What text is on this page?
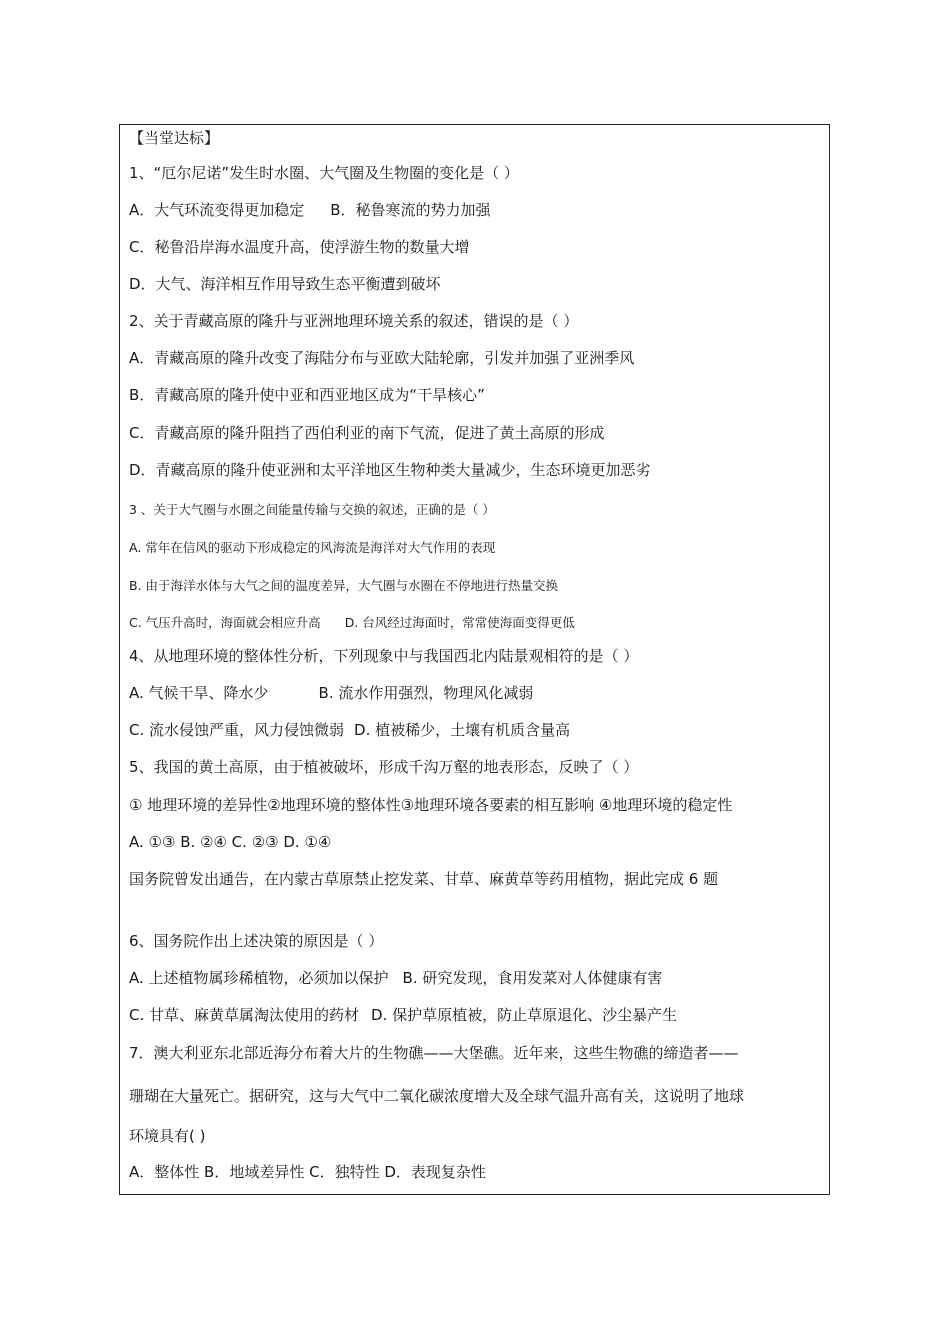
【当堂达标】
1、“厄尔尼诺”发生时水圈、大气圈及生物圈的变化是（ ）
A．大气环流变得更加稳定 B．秘鲁寒流的势力加强
C．秘鲁沿岸海水温度升高，使浮游生物的数量大增
D．大气、海洋相互作用导致生态平衡遭到破坏
2、关于青藏高原的隆升与亚洲地理环境关系的叙述，错误的是（ ）
A．青藏高原的隆升改变了海陆分布与亚欧大陆轮廓，引发并加强了亚洲季风
B．青藏高原的隆升使中亚和西亚地区成为“干旱核心”
C．青藏高原的隆升阻挡了西伯利亚的南下气流，促进了黄土高原的形成
D．青藏高原的隆升使亚洲和太平洋地区生物种类大量减少，生态环境更加恶劣
3 、关于大气圈与水圈之间能量传输与交换的叙述，正确的是（ ）
A. 常年在信风的驱动下形成稳定的风海流是海洋对大气作用的表现
B. 由于海洋水体与大气之间的温度差异，大气圈与水圈在不停地进行热量交换
C. 气压升高时，海面就会相应升高 D. 台风经过海面时，常常使海面变得更低
4、从地理环境的整体性分析，下列现象中与我国西北内陆景观相符的是（ ）
A. 气候干旱、降水少	B. 流水作用强烈，物理风化减弱
C. 流水侵蚀严重，风力侵蚀微弱 D. 植被稀少，土壤有机质含量高
5、我国的黄土高原，由于植被破坏，形成千沟万壑的地表形态，反映了（ ）
① 地理环境的差异性②地理环境的整体性③地理环境各要素的相互影响 ④地理环境的稳定性
A. ①③ B. ②④ C. ②③ D. ①④
国务院曾发出通告，在内蒙古草原禁止挖发菜、甘草、麻黄草等药用植物，据此完成 6 题
6、国务院作出上述决策的原因是（ ）
A. 上述植物属珍稀植物，必须加以保护 B. 研究发现，食用发菜对人体健康有害
C. 甘草、麻黄草属淘汰使用的药材 D. 保护草原植被，防止草原退化、沙尘暴产生
7．澳大利亚东北部近海分布着大片的生物礁——大堡礁。近年来，这些生物礁的缔造者——
珊瑚在大量死亡。据研究，这与大气中二氧化碳浓度增大及全球气温升高有关，这说明了地球
环境具有( )
A．整体性 B．地域差异性 C．独特性 D．表现复杂性
